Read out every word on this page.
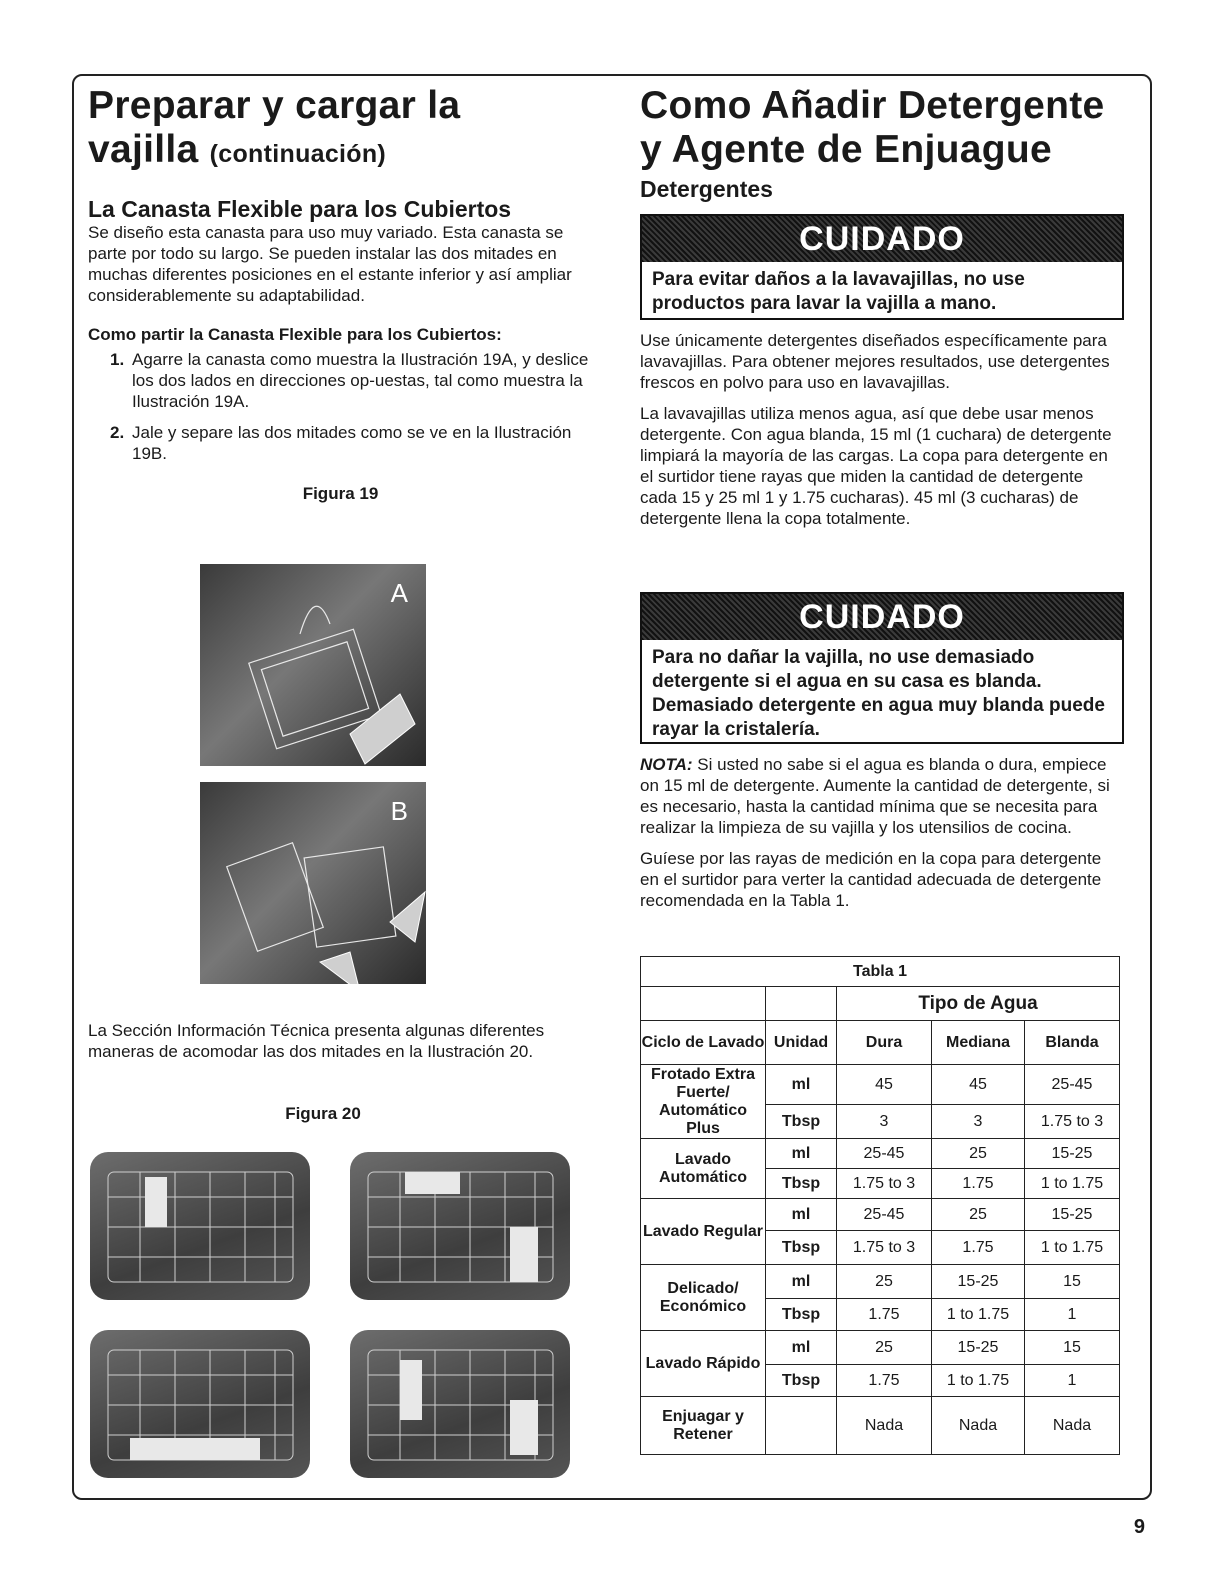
Preparar y cargar la
vajilla (continuación)
La Canasta Flexible para los Cubiertos

Se diseño esta canasta para uso muy variado. Esta canasta se parte por todo su largo. Se pueden instalar las dos mitades en muchas diferentes posiciones en el estante inferior y así ampliar considerablemente su adaptabilidad.

Como partir la Canasta Flexible para los Cubiertos:
1. Agarre la canasta como muestra la Ilustración 19A, y deslice los dos lados en direcciones op-uestas, tal como muestra la Ilustración 19A.
2. Jale y separe las dos mitades como se ve en la Ilustración 19B.
Figura 19
A
B

La Sección Información Técnica presenta algunas diferentes maneras de acomodar las dos mitades en la Ilustración 20.

Figura 20
Como Añadir Detergente
y Agente de Enjuague
Detergentes
CUIDADO
Para evitar daños a la lavavajillas, no use productos para lavar la vajilla a mano.

Use únicamente detergentes diseñados específicamente para lavavajillas. Para obtener mejores resultados, use detergentes frescos en polvo para uso en lavavajillas.

La lavavajillas utiliza menos agua, así que debe usar menos detergente. Con agua blanda, 15 ml (1 cuchara) de detergente limpiará la mayoría de las cargas. La copa para detergente en el surtidor tiene rayas que miden la cantidad de detergente cada 15 y 25 ml 1 y 1.75 cucharas). 45 ml (3 cucharas) de detergente llena la copa totalmente.

CUIDADO
Para no dañar la vajilla, no use demasiado detergente si el agua en su casa es blanda. Demasiado detergente en agua muy blanda puede rayar la cristalería.

NOTA: Si usted no sabe si el agua es blanda o dura, empiece on 15 ml de detergente. Aumente la cantidad de detergente, si es necesario, hasta la cantidad mínima que se necesita para realizar la limpieza de su vajilla y los utensilios de cocina.

Guíese por las rayas de medición en la copa para detergente en el surtidor para verter la cantidad adecuada de detergente recomendada en la Tabla 1.

Tabla 1				
		Tipo de Agua		
Ciclo de Lavado	Unidad	Dura	Mediana	Blanda
Frotado Extra Fuerte/ Automático Plus	ml	45	45	25-45
	Tbsp	3	3	1.75 to 3
Lavado Automático	ml	25-45	25	15-25
	Tbsp	1.75 to 3	1.75	1 to 1.75
Lavado Regular	ml	25-45	25	15-25
	Tbsp	1.75 to 3	1.75	1 to 1.75
Delicado/ Económico	ml	25	15-25	15
	Tbsp	1.75	1 to 1.75	1
Lavado Rápido	ml	25	15-25	15
	Tbsp	1.75	1 to 1.75	1
Enjuagar y Retener		Nada	Nada	Nada
9
